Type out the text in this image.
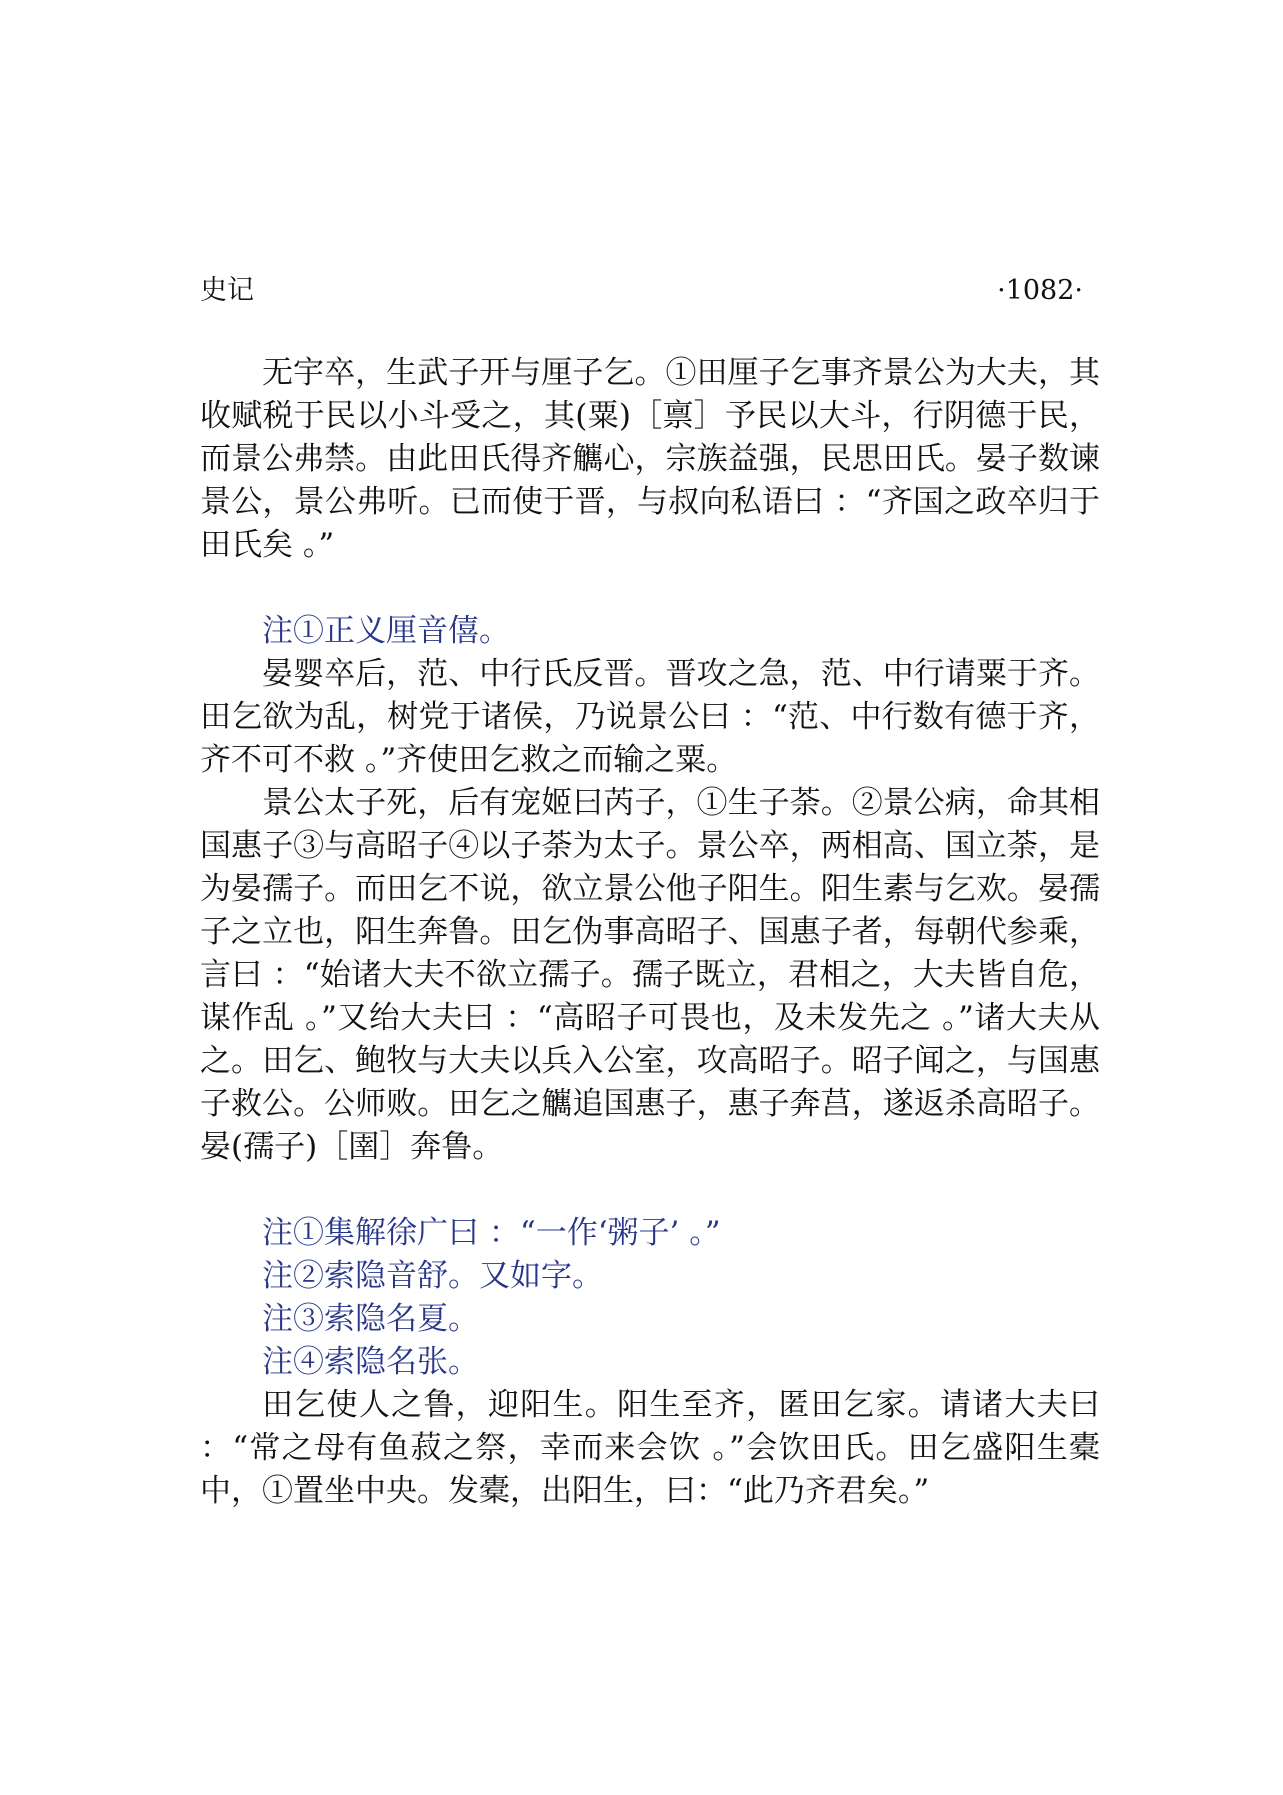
史记	·1082·

无宇卒，生武子开与厘子乞。①田厘子乞事齐景公为大夫，其收赋税于民以小斗受之，其(粟)［禀］予民以大斗，行阴德于民，而景公弗禁。由此田氏得齐觽心，宗族益强，民思田氏。晏子数谏景公，景公弗听。已而使于晋，与叔向私语曰 ：“齐国之政卒归于田氏矣 。”

注①正义厘音僖。

晏婴卒后，范、中行氏反晋。晋攻之急，范、中行请粟于齐。田乞欲为乱，树党于诸侯，乃说景公曰 ：“范、中行数有德于齐，齐不可不救 。”齐使田乞救之而输之粟。

景公太子死，后有宠姬曰芮子，①生子荼。②景公病，命其相国惠子③与高昭子④以子荼为太子。景公卒，两相高、国立荼，是为晏孺子。而田乞不说，欲立景公他子阳生。阳生素与乞欢。晏孺子之立也，阳生奔鲁。田乞伪事高昭子、国惠子者，每朝代参乘，言曰 ：“始诸大夫不欲立孺子。孺子既立，君相之，大夫皆自危，谋作乱 。”又绐大夫曰 ：“高昭子可畏也，及未发先之 。”诸大夫从之。田乞、鲍牧与大夫以兵入公室，攻高昭子。昭子闻之，与国惠子救公。公师败。田乞之觽追国惠子，惠子奔莒，遂返杀高昭子。晏(孺子)［圉］奔鲁。

注①集解徐广曰 ：“一作‘粥子’ 。”

注②索隐音舒。又如字。

注③索隐名夏。

注④索隐名张。

田乞使人之鲁，迎阳生。阳生至齐，匿田乞家。请诸大夫曰 ：“常之母有鱼菽之祭，幸而来会饮 。”会饮田氏。田乞盛阳生橐中，①置坐中央。发橐，出阳生，曰：“此乃齐君矣。”
